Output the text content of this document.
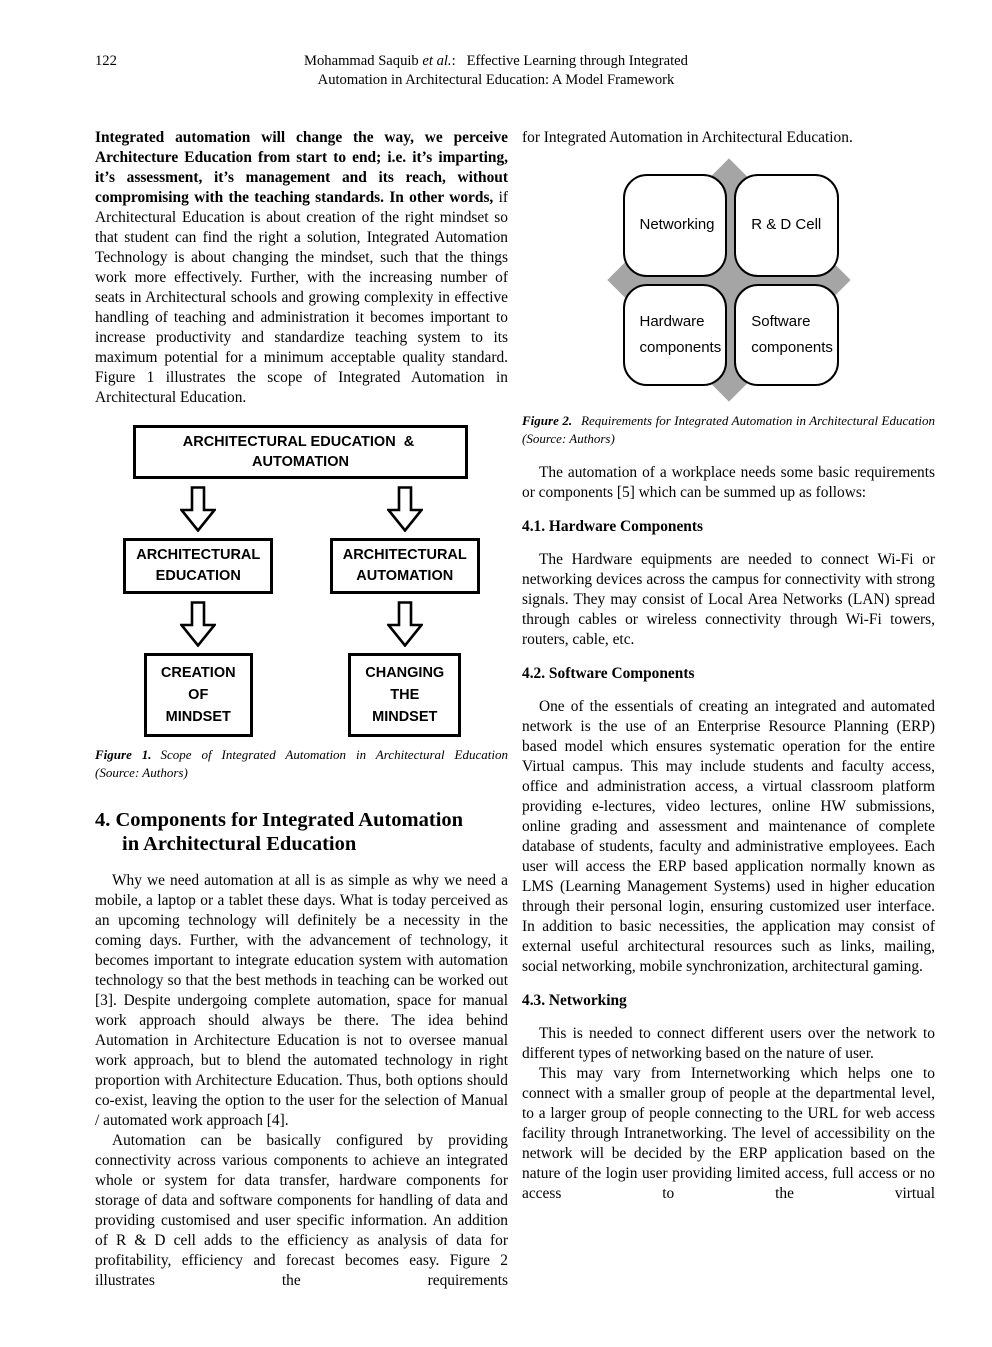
122	Mohammad Saquib et al.:   Effective Learning through Integrated
Automation in Architectural Education: A Model Framework

Integrated automation will change the way, we perceive Architecture Education from start to end; i.e. it’s imparting, it’s assessment, it’s management and its reach, without compromising with the teaching standards. In other words, if Architectural Education is about creation of the right mindset so that student can find the right a solution, Integrated Automation Technology is about changing the mindset, such that the things work more effectively. Further, with the increasing number of seats in Architectural schools and growing complexity in effective handling of teaching and administration it becomes important to increase productivity and standardize teaching system to its maximum potential for a minimum acceptable quality standard. Figure 1 illustrates the scope of Integrated Automation in Architectural Education.

ARCHITECTURAL EDUCATION  &  AUTOMATION
ARCHITECTURAL
EDUCATION
CREATION
OF
MINDSET
ARCHITECTURAL
AUTOMATION
CHANGING
THE
MINDSET
Figure 1. Scope of Integrated Automation in Architectural Education (Source: Authors)
4. Components for Integrated Automation in Architectural Education

Why we need automation at all is as simple as why we need a mobile, a laptop or a tablet these days. What is today perceived as an upcoming technology will definitely be a necessity in the coming days. Further, with the advancement of technology, it becomes important to integrate education system with automation technology so that the best methods in teaching can be worked out [3]. Despite undergoing complete automation, space for manual work approach should always be there. The idea behind Automation in Architecture Education is not to oversee manual work approach, but to blend the automated technology in right proportion with Architecture Education. Thus, both options should co-exist, leaving the option to the user for the selection of Manual / automated work approach [4].

Automation can be basically configured by providing connectivity across various components to achieve an integrated whole or system for data transfer, hardware components for storage of data and software components for handling of data and providing customised and user specific information. An addition of R & D cell adds to the efficiency as analysis of data for profitability, efficiency and forecast becomes easy. Figure 2 illustrates the requirements

for Integrated Automation in Architectural Education.

Networking	R & D Cell
Hardware components
Software components
Figure 2. Requirements for Integrated Automation in Architectural Education (Source: Authors)

The automation of a workplace needs some basic requirements or components [5] which can be summed up as follows:

4.1. Hardware Components

The Hardware equipments are needed to connect Wi-Fi or networking devices across the campus for connectivity with strong signals. They may consist of Local Area Networks (LAN) spread through cables or wireless connectivity through Wi-Fi towers, routers, cable, etc.

4.2. Software Components

One of the essentials of creating an integrated and automated network is the use of an Enterprise Resource Planning (ERP) based model which ensures systematic operation for the entire Virtual campus. This may include students and faculty access, office and administration access, a virtual classroom platform providing e-lectures, video lectures, online HW submissions, online grading and assessment and maintenance of complete database of students, faculty and administrative employees. Each user will access the ERP based application normally known as LMS (Learning Management Systems) used in higher education through their personal login, ensuring customized user interface. In addition to basic necessities, the application may consist of external useful architectural resources such as links, mailing, social networking, mobile synchronization, architectural gaming.

4.3. Networking

This is needed to connect different users over the network to different types of networking based on the nature of user.

This may vary from Internetworking which helps one to connect with a smaller group of people at the departmental level, to a larger group of people connecting to the URL for web access facility through Intranetworking. The level of accessibility on the network will be decided by the ERP application based on the nature of the login user providing limited access, full access or no access to the virtual
